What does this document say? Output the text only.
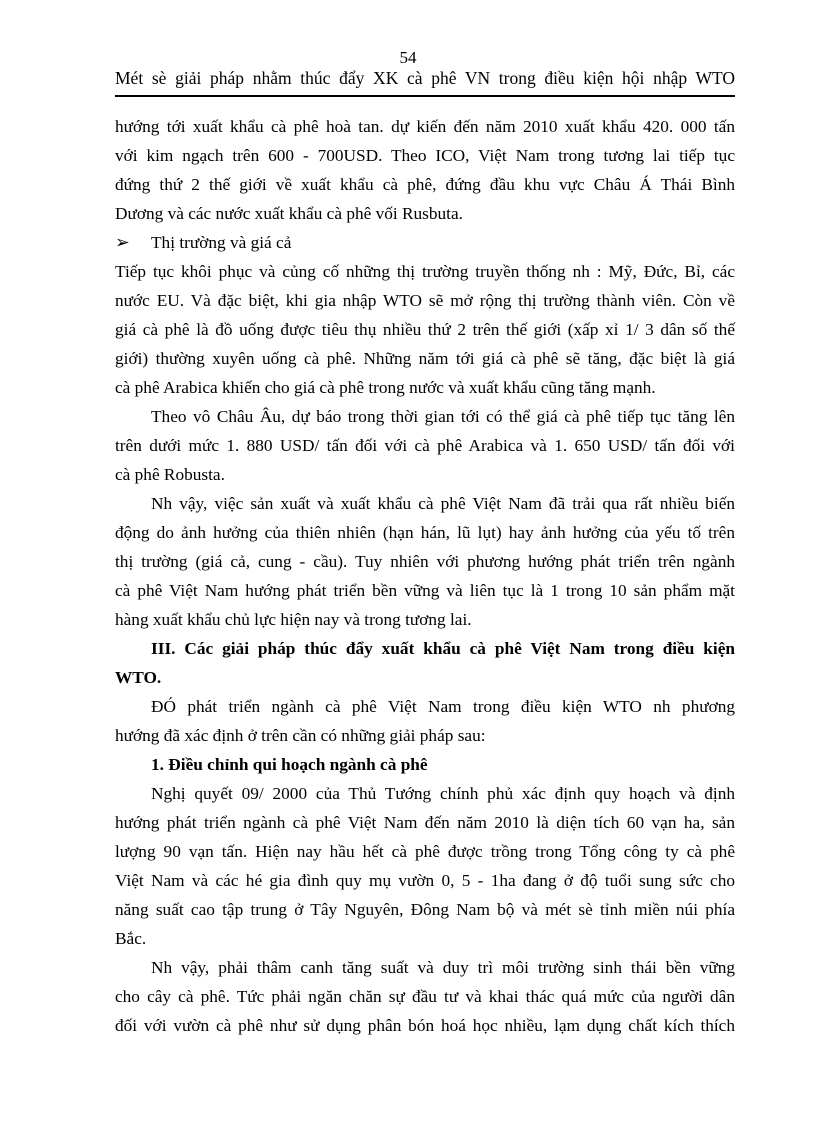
54
Mét sè giải pháp nhằm thúc đẩy XK cà phê VN trong điều kiện hội nhập WTO
hướng tới xuất khẩu cà phê hoà tan. dự kiến đến năm 2010 xuất khẩu 420. 000 tấn
với kim ngạch trên 600 - 700USD. Theo ICO, Việt Nam trong tương lai tiếp tục
đứng thứ 2 thế giới về xuất khẩu cà phê, đứng đầu khu vực Châu Á Thái Bình
Dương và các nước xuất khẩu cà phê vối Rusbuta.
➢ Thị trường và giá cả
Tiếp tục khôi phục và củng cố những thị trường truyền thống nh : Mỹ, Đức, Bỉ, các
nước EU. Và đặc biệt, khi gia nhập WTO sẽ mở rộng thị trường thành viên. Còn về
giá cà phê là đồ uống được tiêu thụ nhiều thứ 2 trên thế giới (xấp xỉ 1/ 3 dân số thế
giới) thường xuyên uống cà phê. Những năm tới giá cà phê sẽ tăng, đặc biệt là giá
cà phê Arabica khiến cho giá cà phê trong nước và xuất khẩu cũng tăng mạnh.
Theo vô Châu Âu, dự báo trong thời gian tới có thể giá cà phê tiếp tục tăng lên
trên dưới mức 1. 880 USD/ tấn đối với cà phê Arabica và 1. 650 USD/ tấn đối với
cà phê Robusta.
Nh vậy, việc sản xuất và xuất khẩu cà phê Việt Nam đã trải qua rất nhiều biến
động do ảnh hưởng của thiên nhiên (hạn hán, lũ lụt) hay ảnh hưởng của yếu tố trên
thị trường (giá cả, cung - cầu). Tuy nhiên với phương hướng phát triển trên ngành
cà phê Việt Nam hướng phát triển bền vững và liên tục là 1 trong 10 sản phẩm mặt
hàng xuất khẩu chủ lực hiện nay và trong tương lai.
III. Các giải pháp thúc đẩy xuất khẩu cà phê Việt Nam trong điều kiện
WTO.
ĐÓ phát triển ngành cà phê Việt Nam trong điều kiện WTO nh phương
hướng đã xác định ở trên cần có những giải pháp sau:
1. Điều chỉnh qui hoạch ngành cà phê
Nghị quyết 09/ 2000 của Thủ Tướng chính phủ xác định quy hoạch và định
hướng phát triển ngành cà phê Việt Nam đến năm 2010 là diện tích 60 vạn ha, sản
lượng 90 vạn tấn. Hiện nay hầu hết cà phê được trồng trong Tổng công ty cà phê
Việt Nam và các hé gia đình quy mụ vườn 0, 5 - 1ha đang ở độ tuổi sung sức cho
năng suất cao tập trung ở Tây Nguyên, Đông Nam bộ và mét sè tỉnh miền núi phía
Bắc.
Nh vậy, phải thâm canh tăng suất và duy trì môi trường sinh thái bền vững
cho cây cà phê. Tức phải ngăn chăn sự đầu tư và khai thác quá mức của người dân
đối với vườn cà phê như sử dụng phân bón hoá học nhiều, lạm dụng chất kích thích
